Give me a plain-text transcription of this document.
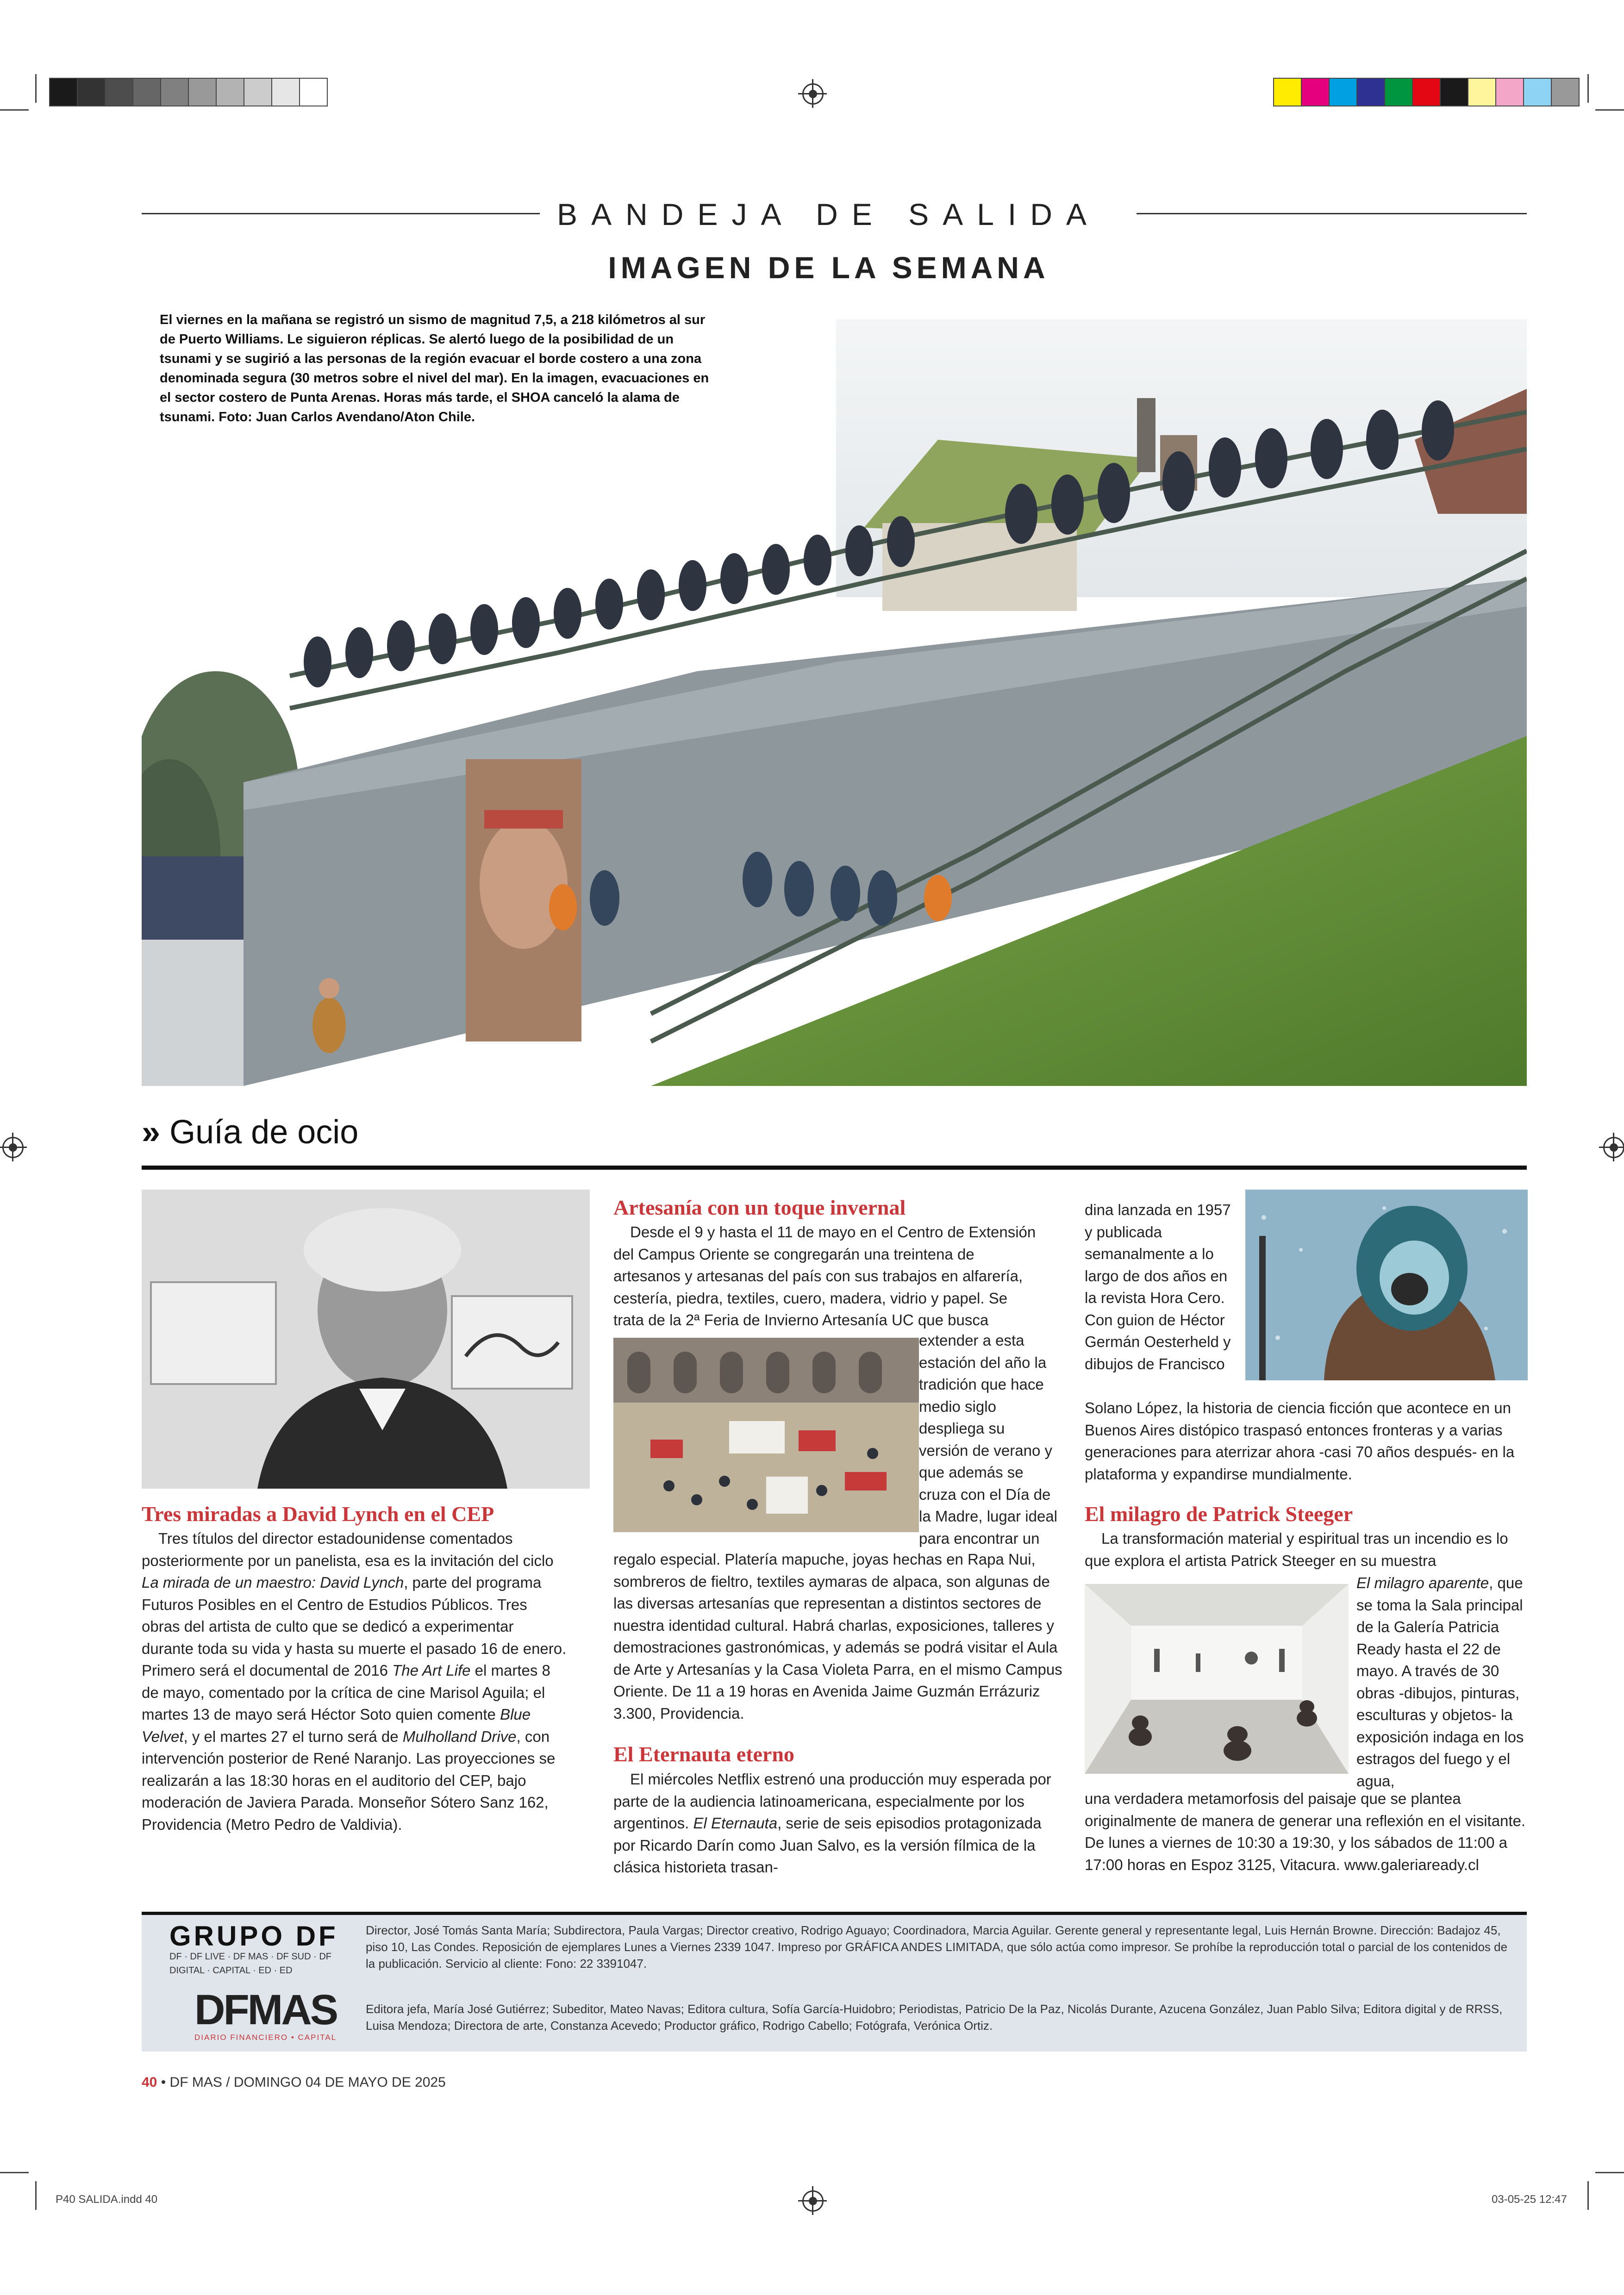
BANDEJA DE SALIDA
IMAGEN DE LA SEMANA
El viernes en la mañana se registró un sismo de magnitud 7,5, a 218 kilómetros al sur de Puerto Williams. Le siguieron réplicas. Se alertó luego de la posibilidad de un tsunami y se sugirió a las personas de la región evacuar el borde costero a una zona denominada segura (30 metros sobre el nivel del mar). En la imagen, evacuaciones en el sector costero de Punta Arenas. Horas más tarde, el SHOA canceló la alama de tsunami. Foto: Juan Carlos Avendano/Aton Chile.
» Guía de ocio
Tres miradas a David Lynch en el CEP

Tres títulos del director estadounidense comentados posteriormente por un panelista, esa es la invitación del ciclo La mirada de un maestro: David Lynch, parte del programa Futuros Posibles en el Centro de Estudios Públicos. Tres obras del artista de culto que se dedicó a experimentar durante toda su vida y hasta su muerte el pasado 16 de enero. Primero será el documental de 2016 The Art Life el martes 8 de mayo, comentado por la crítica de cine Marisol Aguila; el martes 13 de mayo será Héctor Soto quien comente Blue Velvet, y el martes 27 el turno será de Mulholland Drive, con intervención posterior de René Naranjo. Las proyecciones se realizarán a las 18:30 horas en el auditorio del CEP, bajo moderación de Javiera Parada. Monseñor Sótero Sanz 162, Providencia (Metro Pedro de Valdivia).

Artesanía con un toque invernal

Desde el 9 y hasta el 11 de mayo en el Centro de Extensión del Campus Oriente se congregarán una treintena de artesanos y artesanas del país con sus trabajos en alfarería, cestería, piedra, textiles, cuero, madera, vidrio y papel. Se trata de la 2ª Feria de Invierno Artesanía UC que busca

extender a esta estación del año la tradición que hace medio siglo despliega su versión de verano y que además se cruza con el Día de la Madre, lugar ideal para encontrar un
regalo especial. Platería mapuche, joyas hechas en Rapa Nui, sombreros de fieltro, textiles aymaras de alpaca, son algunas de las diversas artesanías que representan a distintos sectores de nuestra identidad cultural. Habrá charlas, exposiciones, talleres y demostraciones gastronómicas, y además se podrá visitar el Aula de Arte y Artesanías y la Casa Violeta Parra, en el mismo Campus Oriente. De 11 a 19 horas en Avenida Jaime Guzmán Errázuriz 3.300, Providencia.
El Eternauta eterno

El miércoles Netflix estrenó una producción muy esperada por parte de la audiencia latinoamericana, especialmente por los argentinos. El Eternauta, serie de seis episodios protagonizada por Ricardo Darín como Juan Salvo, es la versión fílmica de la clásica historieta trasan-

dina lanzada en 1957 y publicada semanalmente a lo largo de dos años en la revista Hora Cero. Con guion de Héctor Germán Oesterheld y dibujos de Francisco
Solano López, la historia de ciencia ficción que acontece en un Buenos Aires distópico traspasó entonces fronteras y a varias generaciones para aterrizar ahora -casi 70 años después- en la plataforma y expandirse mundialmente.
El milagro de Patrick Steeger

La transformación material y espiritual tras un incendio es lo que explora el artista Patrick Steeger en su muestra

El milagro aparente, que se toma la Sala principal de la Galería Patricia Ready hasta el 22 de mayo. A través de 30 obras -dibujos, pinturas, esculturas y objetos- la exposición indaga en los estragos del fuego y el agua,
una verdadera metamorfosis del paisaje que se plantea originalmente de manera de generar una reflexión en el visitante. De lunes a viernes de 10:30 a 19:30, y los sábados de 11:00 a 17:00 horas en Espoz 3125, Vitacura. www.galeriaready.cl
GRUPO DF
DF · DF LIVE · DF MAS · DF SUD · DF DIGITAL · CAPITAL · ED · ED
DFMAS
DIARIO FINANCIERO • CAPITAL
Director, José Tomás Santa María; Subdirectora, Paula Vargas; Director creativo, Rodrigo Aguayo; Coordinadora, Marcia Aguilar. Gerente general y representante legal, Luis Hernán Browne. Dirección: Badajoz 45, piso 10, Las Condes. Reposición de ejemplares Lunes a Viernes 2339 1047. Impreso por GRÁFICA ANDES LIMITADA, que sólo actúa como impresor. Se prohíbe la reproducción total o parcial de los contenidos de la publicación. Servicio al cliente: Fono: 22 3391047.
Editora jefa, María José Gutiérrez; Subeditor, Mateo Navas; Editora cultura, Sofía García-Huidobro; Periodistas, Patricio De la Paz, Nicolás Durante, Azucena González, Juan Pablo Silva; Editora digital y de RRSS, Luisa Mendoza; Directora de arte, Constanza Acevedo; Productor gráfico, Rodrigo Cabello; Fotógrafa, Verónica Ortiz.
40 • DF MAS / DOMINGO 04 DE MAYO DE 2025
P40 SALIDA.indd 40	03-05-25 12:47
